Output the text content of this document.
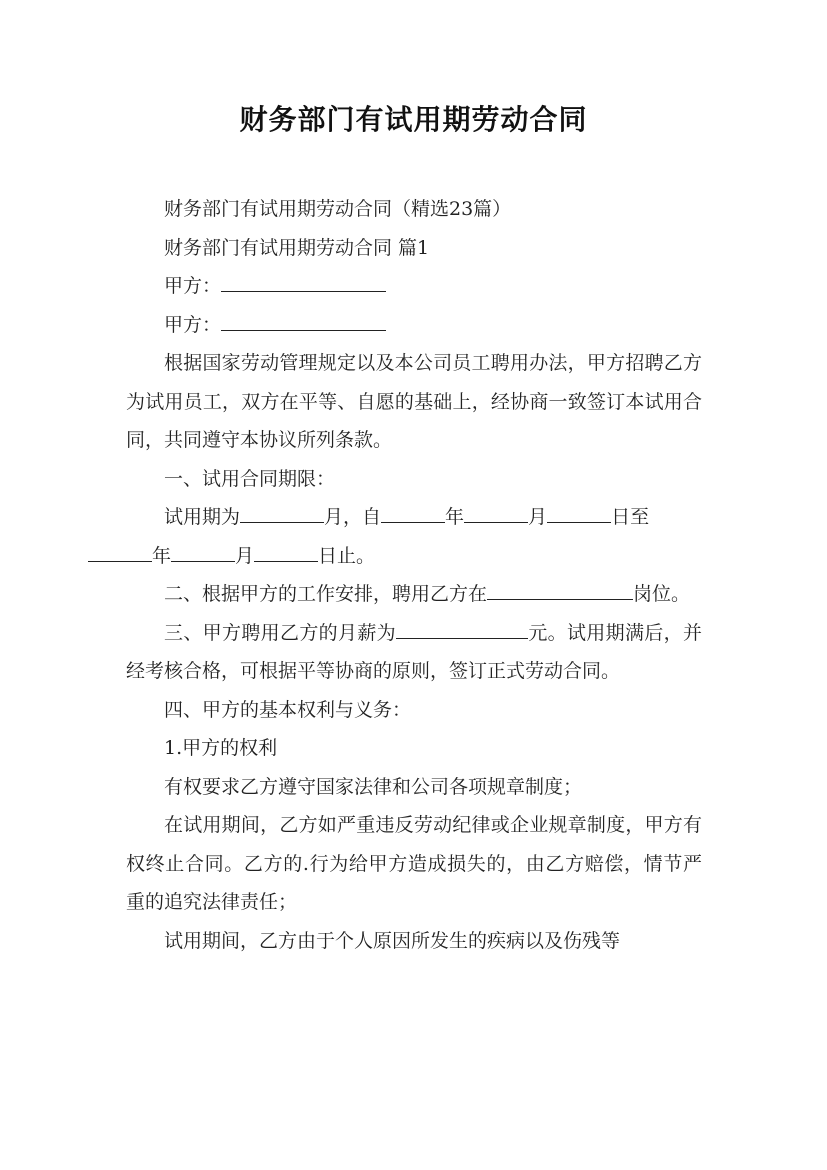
财务部门有试用期劳动合同

财务部门有试用期劳动合同（精选23篇）

财务部门有试用期劳动合同 篇1

甲方：

甲方：

根据国家劳动管理规定以及本公司员工聘用办法，甲方招聘乙方为试用员工，双方在平等、自愿的基础上，经协商一致签订本试用合同，共同遵守本协议所列条款。

一、试用合同期限：

试用期为	月，自	年	月	日至
年	月	日止。

二、根据甲方的工作安排，聘用乙方在	岗位。

三、甲方聘用乙方的月薪为	元。试用期满后，并经考核合格，可根据平等协商的原则，签订正式劳动合同。

四、甲方的基本权利与义务：

1.甲方的权利

有权要求乙方遵守国家法律和公司各项规章制度；

在试用期间，乙方如严重违反劳动纪律或企业规章制度，甲方有权终止合同。乙方的.行为给甲方造成损失的，由乙方赔偿，情节严重的追究法律责任；

试用期间，乙方由于个人原因所发生的疾病以及伤残等
